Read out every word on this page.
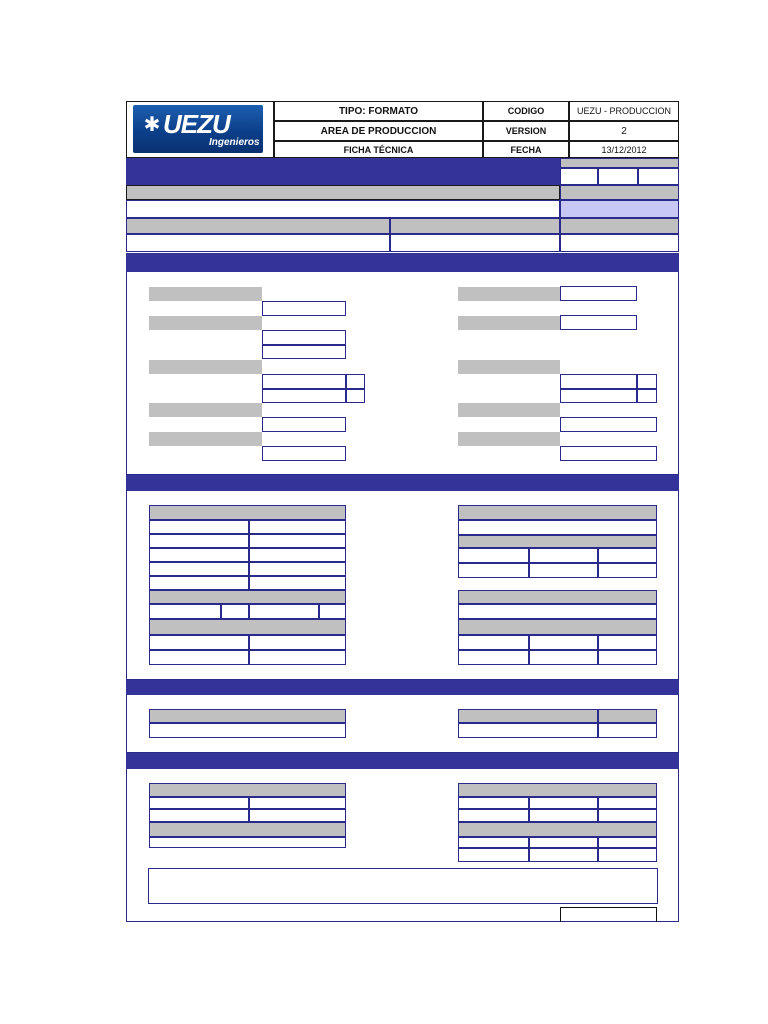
✱ UEZU
Ingenieros
TIPO: FORMATO
AREA DE PRODUCCION
FICHA TÉCNICA
CODIGO
VERSION
FECHA
UEZU - PRODUCCION
2
13/12/2012
